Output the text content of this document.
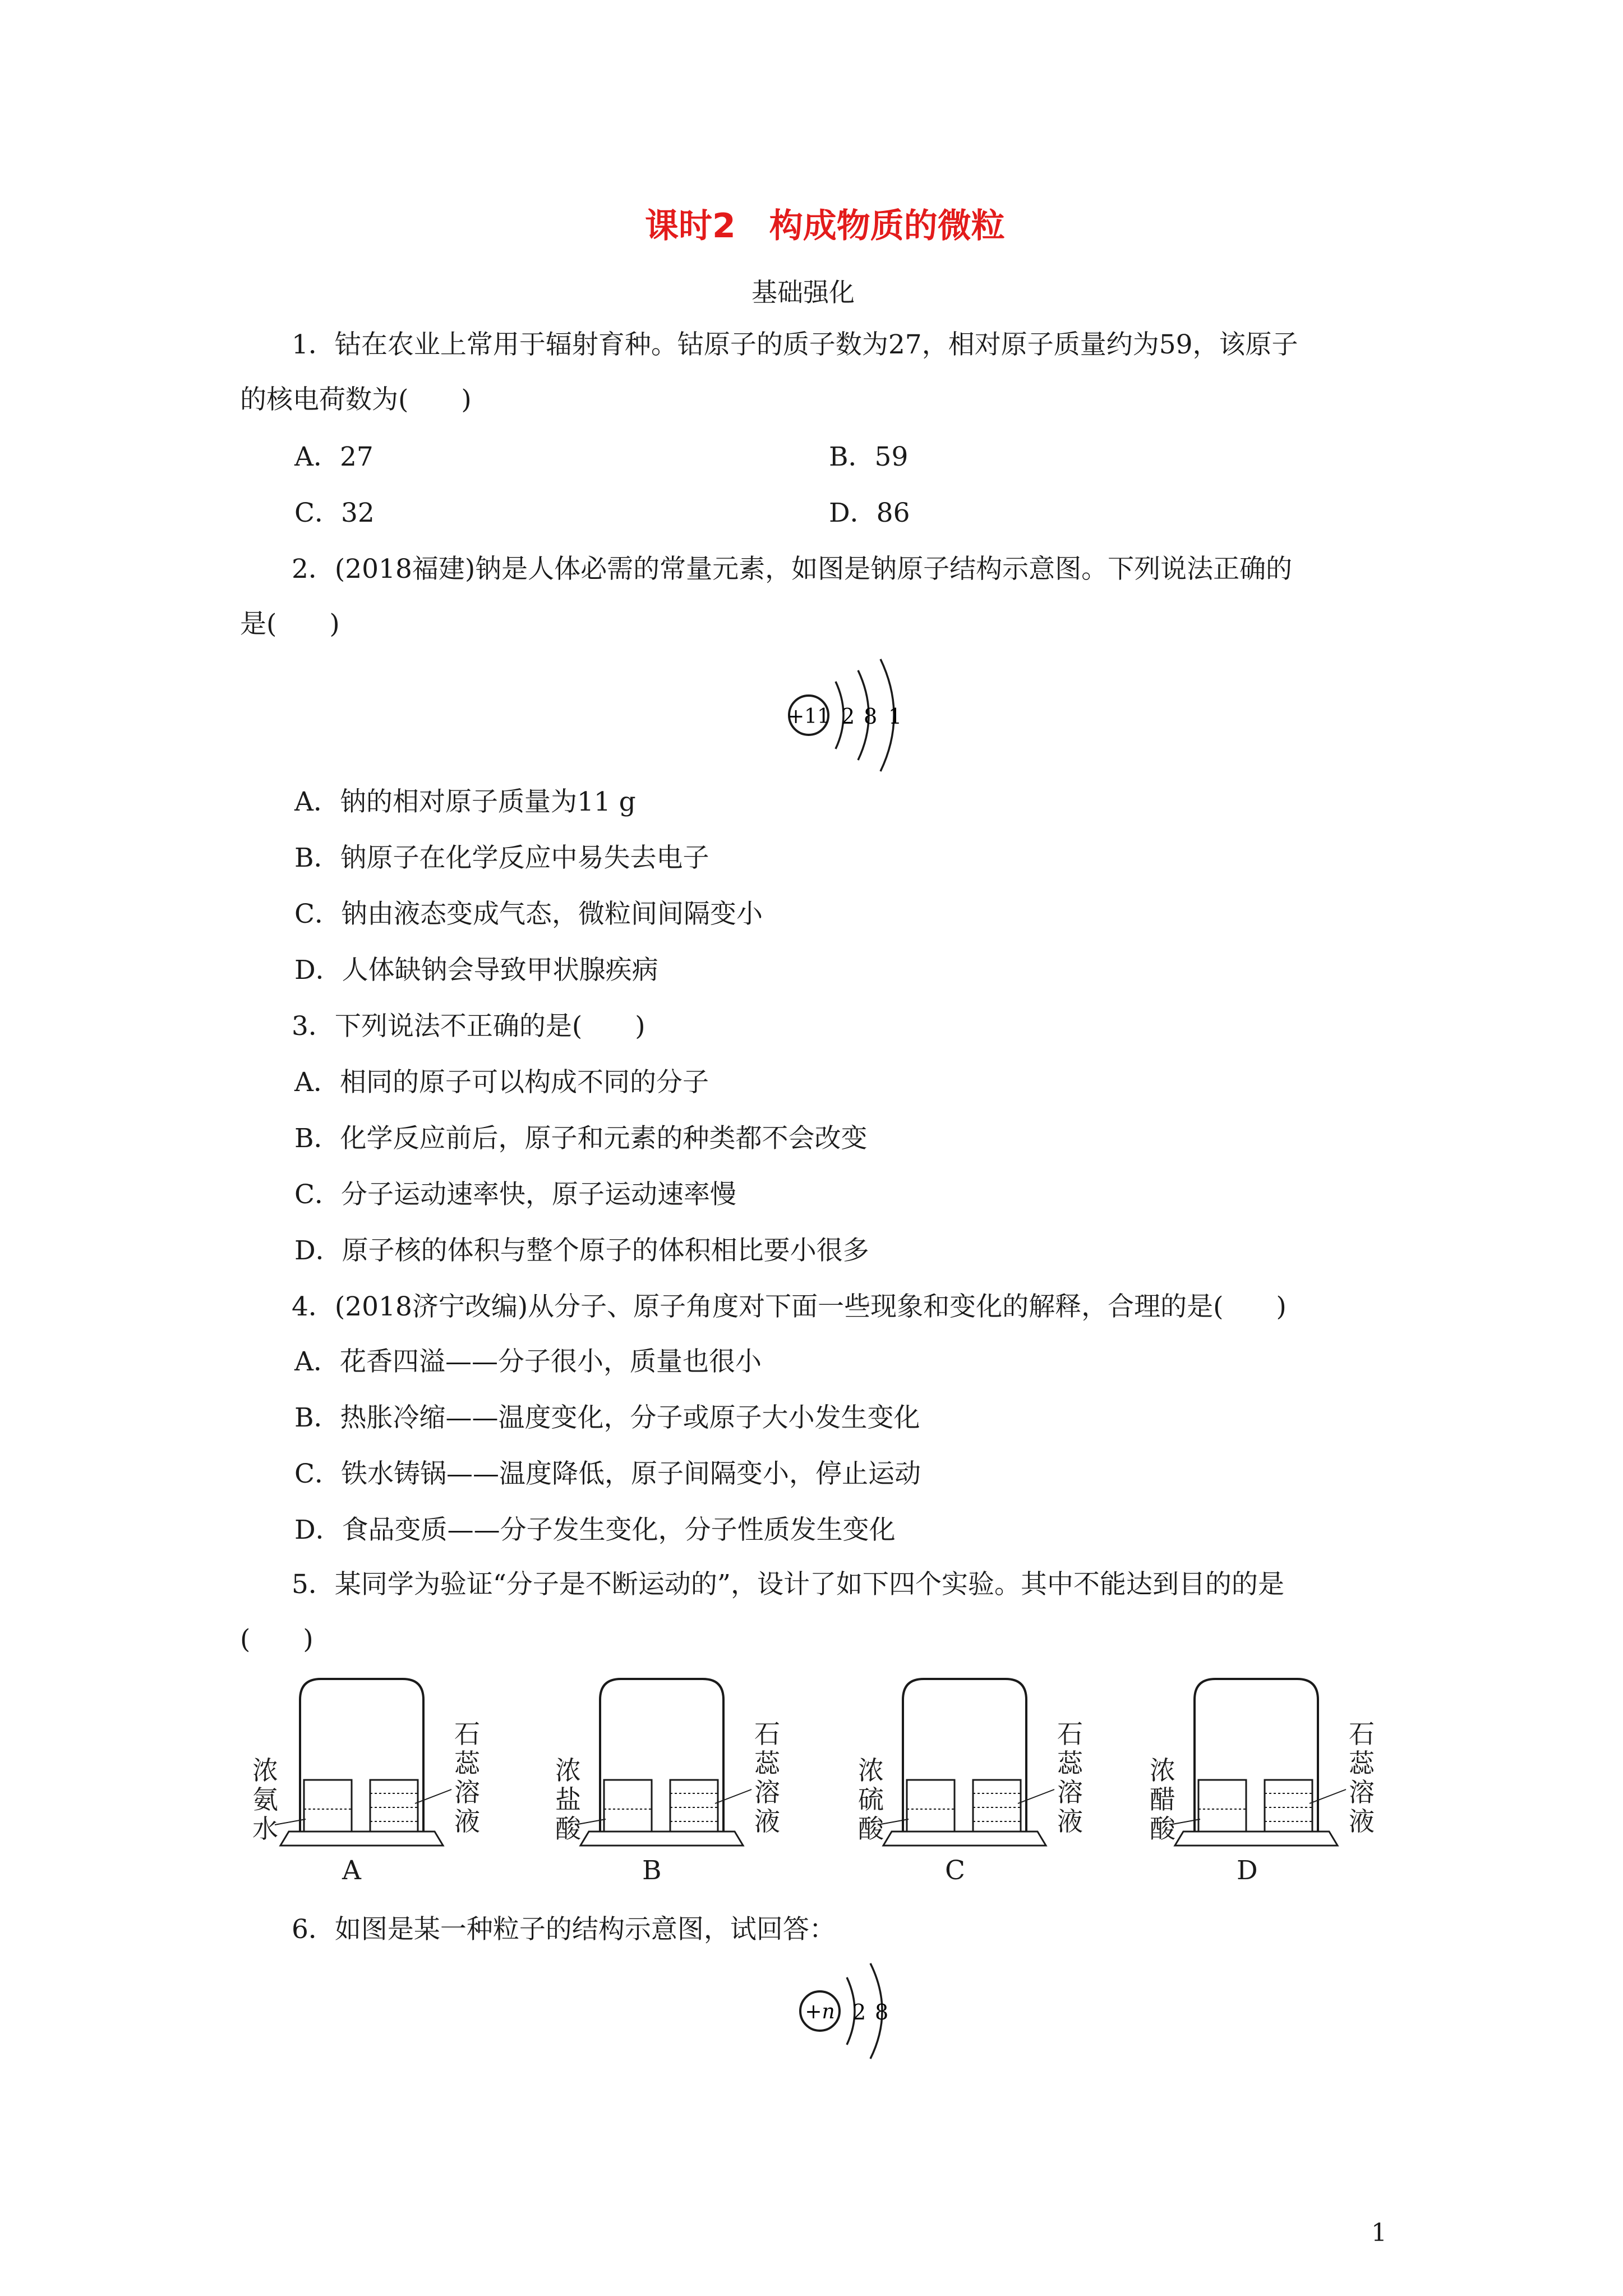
课时2　构成物质的微粒
基础强化
1．钴在农业上常用于辐射育种。钴原子的质子数为27，相对原子质量约为59，该原子
的核电荷数为(　　)
A．27	B．59
C．32	D．86
2．(2018福建)钠是人体必需的常量元素，如图是钠原子结构示意图。下列说法正确的
是(　　)
+11 2 8 1
A．钠的相对原子质量为11 g
B．钠原子在化学反应中易失去电子
C．钠由液态变成气态，微粒间间隔变小
D．人体缺钠会导致甲状腺疾病
3．下列说法不正确的是(　　)
A．相同的原子可以构成不同的分子
B．化学反应前后，原子和元素的种类都不会改变
C．分子运动速率快，原子运动速率慢
D．原子核的体积与整个原子的体积相比要小很多
4．(2018济宁改编)从分子、原子角度对下面一些现象和变化的解释，合理的是(　　)
A．花香四溢——分子很小，质量也很小
B．热胀冷缩——温度变化，分子或原子大小发生变化
C．铁水铸锅——温度降低，原子间隔变小，停止运动
D．食品变质——分子发生变化，分子性质发生变化
5．某同学为验证“分子是不断运动的”，设计了如下四个实验。其中不能达到目的的是
(　　)
浓氨水
石蕊溶液
A
浓盐酸
石蕊溶液
B
浓硫酸
石蕊溶液
C
浓醋酸
石蕊溶液
D
6．如图是某一种粒子的结构示意图，试回答：
+n 2 8
1
